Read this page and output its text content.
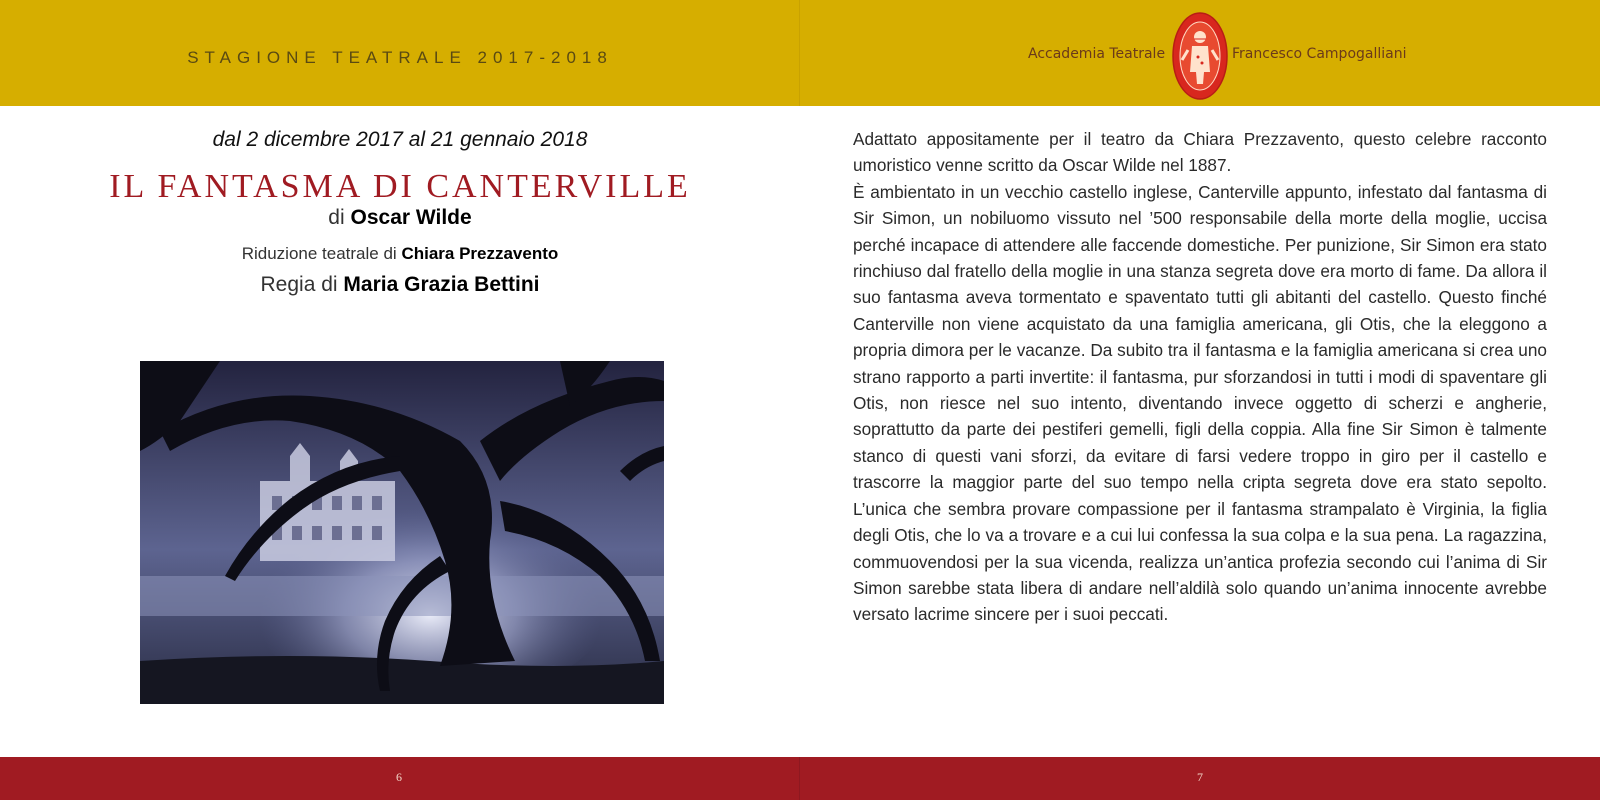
STAGIONE TEATRALE 2017-2018	Accademia Teatrale	Francesco Campogalliani
dal 2 dicembre 2017 al 21 gennaio 2018
IL FANTASMA DI CANTERVILLE
di Oscar Wilde
Riduzione teatrale di Chiara Prezzavento
Regia di Maria Grazia Bettini

Adattato appositamente per il teatro da Chiara Prezzavento, questo celebre racconto umoristico venne scritto da Oscar Wilde nel 1887.

È ambientato in un vecchio castello inglese, Canterville appunto, infestato dal fantasma di Sir Simon, un nobiluomo vissuto nel ’500 responsabile della morte della moglie, uccisa perché incapace di attendere alle faccende domestiche. Per punizione, Sir Simon era stato rinchiuso dal fratello della moglie in una stanza segreta dove era morto di fame. Da allora il suo fantasma aveva tormentato e spaventato tutti gli abitanti del castello. Questo finché Canterville non viene acquistato da una famiglia americana, gli Otis, che la eleggono a propria dimora per le vacanze. Da subito tra il fantasma e la famiglia americana si crea uno strano rapporto a parti invertite: il fantasma, pur sforzandosi in tutti i modi di spaventare gli Otis, non riesce nel suo intento, diventando invece oggetto di scherzi e angherie, soprattutto da parte dei pestiferi gemelli, figli della coppia. Alla fine Sir Simon è talmente stanco di questi vani sforzi, da evitare di farsi vedere troppo in giro per il castello e trascorre la maggior parte del suo tempo nella cripta segreta dove era stato sepolto. L’unica che sembra provare compassione per il fantasma strampalato è Virginia, la figlia degli Otis, che lo va a trovare e a cui lui confessa la sua colpa e la sua pena. La ragazzina, commuovendosi per la sua vicenda, realizza un’antica profezia secondo cui l’anima di Sir Simon sarebbe stata libera di andare nell’aldilà solo quando un’anima innocente avrebbe versato lacrime sincere per i suoi peccati.

6	7
